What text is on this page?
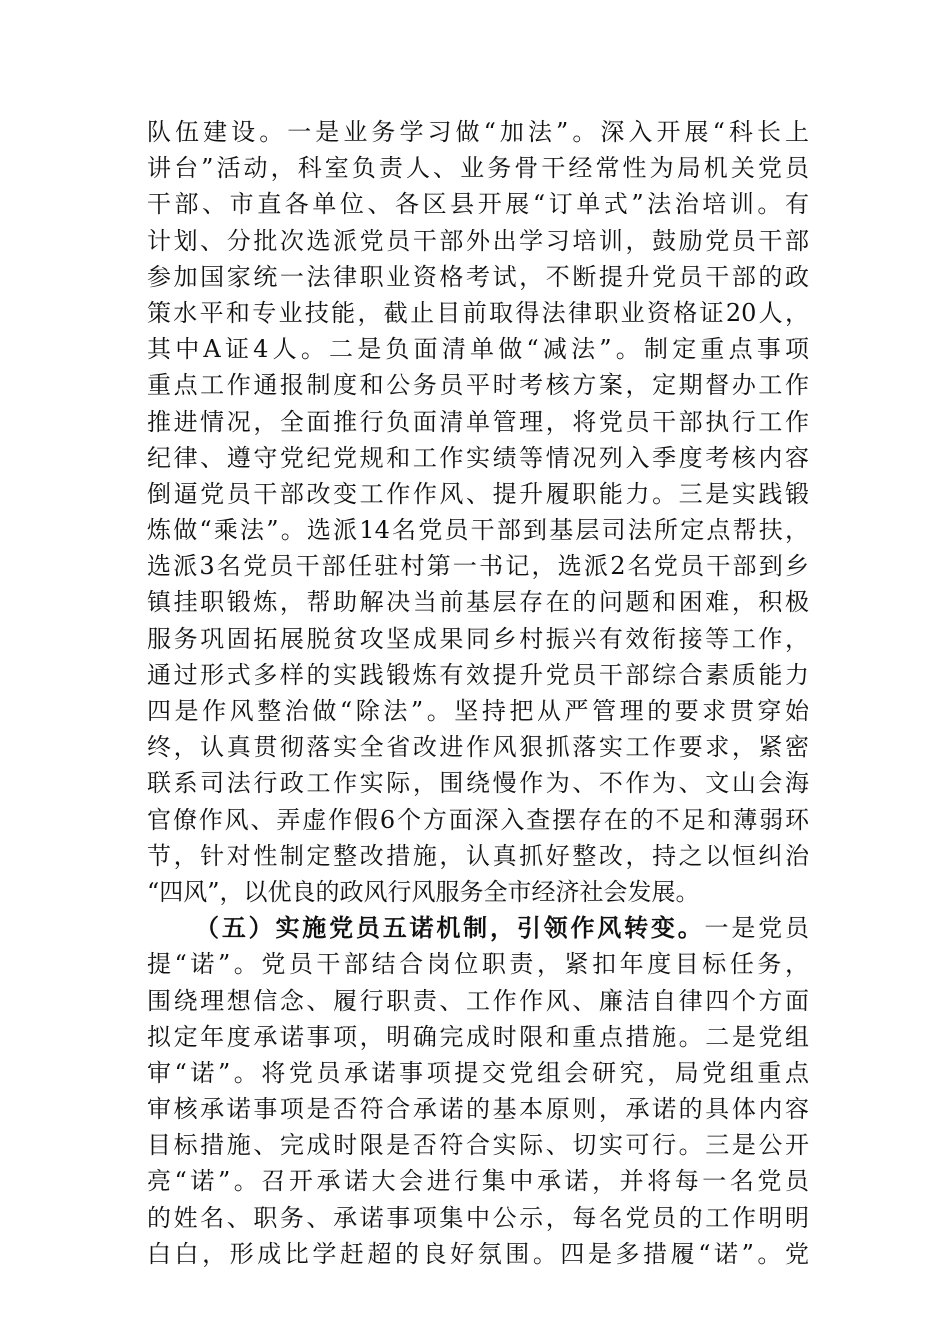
队伍建设。一是业务学习做“加法”。深入开展“科长上
讲台”活动，科室负责人、业务骨干经常性为局机关党员
干部、市直各单位、各区县开展“订单式”法治培训。有
计划、分批次选派党员干部外出学习培训，鼓励党员干部
参加国家统一法律职业资格考试，不断提升党员干部的政
策水平和专业技能，截止目前取得法律职业资格证20人，
其中A证4人。二是负面清单做“减法”。制定重点事项
重点工作通报制度和公务员平时考核方案，定期督办工作
推进情况，全面推行负面清单管理，将党员干部执行工作
纪律、遵守党纪党规和工作实绩等情况列入季度考核内容
倒逼党员干部改变工作作风、提升履职能力。三是实践锻
炼做“乘法”。选派14名党员干部到基层司法所定点帮扶，
选派3名党员干部任驻村第一书记，选派2名党员干部到乡
镇挂职锻炼，帮助解决当前基层存在的问题和困难，积极
服务巩固拓展脱贫攻坚成果同乡村振兴有效衔接等工作，
通过形式多样的实践锻炼有效提升党员干部综合素质能力
四是作风整治做“除法”。坚持把从严管理的要求贯穿始
终，认真贯彻落实全省改进作风狠抓落实工作要求，紧密
联系司法行政工作实际，围绕慢作为、不作为、文山会海
官僚作风、弄虚作假6个方面深入查摆存在的不足和薄弱环
节，针对性制定整改措施，认真抓好整改，持之以恒纠治
“四风”，以优良的政风行风服务全市经济社会发展。
（五）实施党员五诺机制，引领作风转变。一是党员
提“诺”。党员干部结合岗位职责，紧扣年度目标任务，
围绕理想信念、履行职责、工作作风、廉洁自律四个方面
拟定年度承诺事项，明确完成时限和重点措施。二是党组
审“诺”。将党员承诺事项提交党组会研究，局党组重点
审核承诺事项是否符合承诺的基本原则，承诺的具体内容
目标措施、完成时限是否符合实际、切实可行。三是公开
亮“诺”。召开承诺大会进行集中承诺，并将每一名党员
的姓名、职务、承诺事项集中公示，每名党员的工作明明
白白，形成比学赶超的良好氛围。四是多措履“诺”。党
